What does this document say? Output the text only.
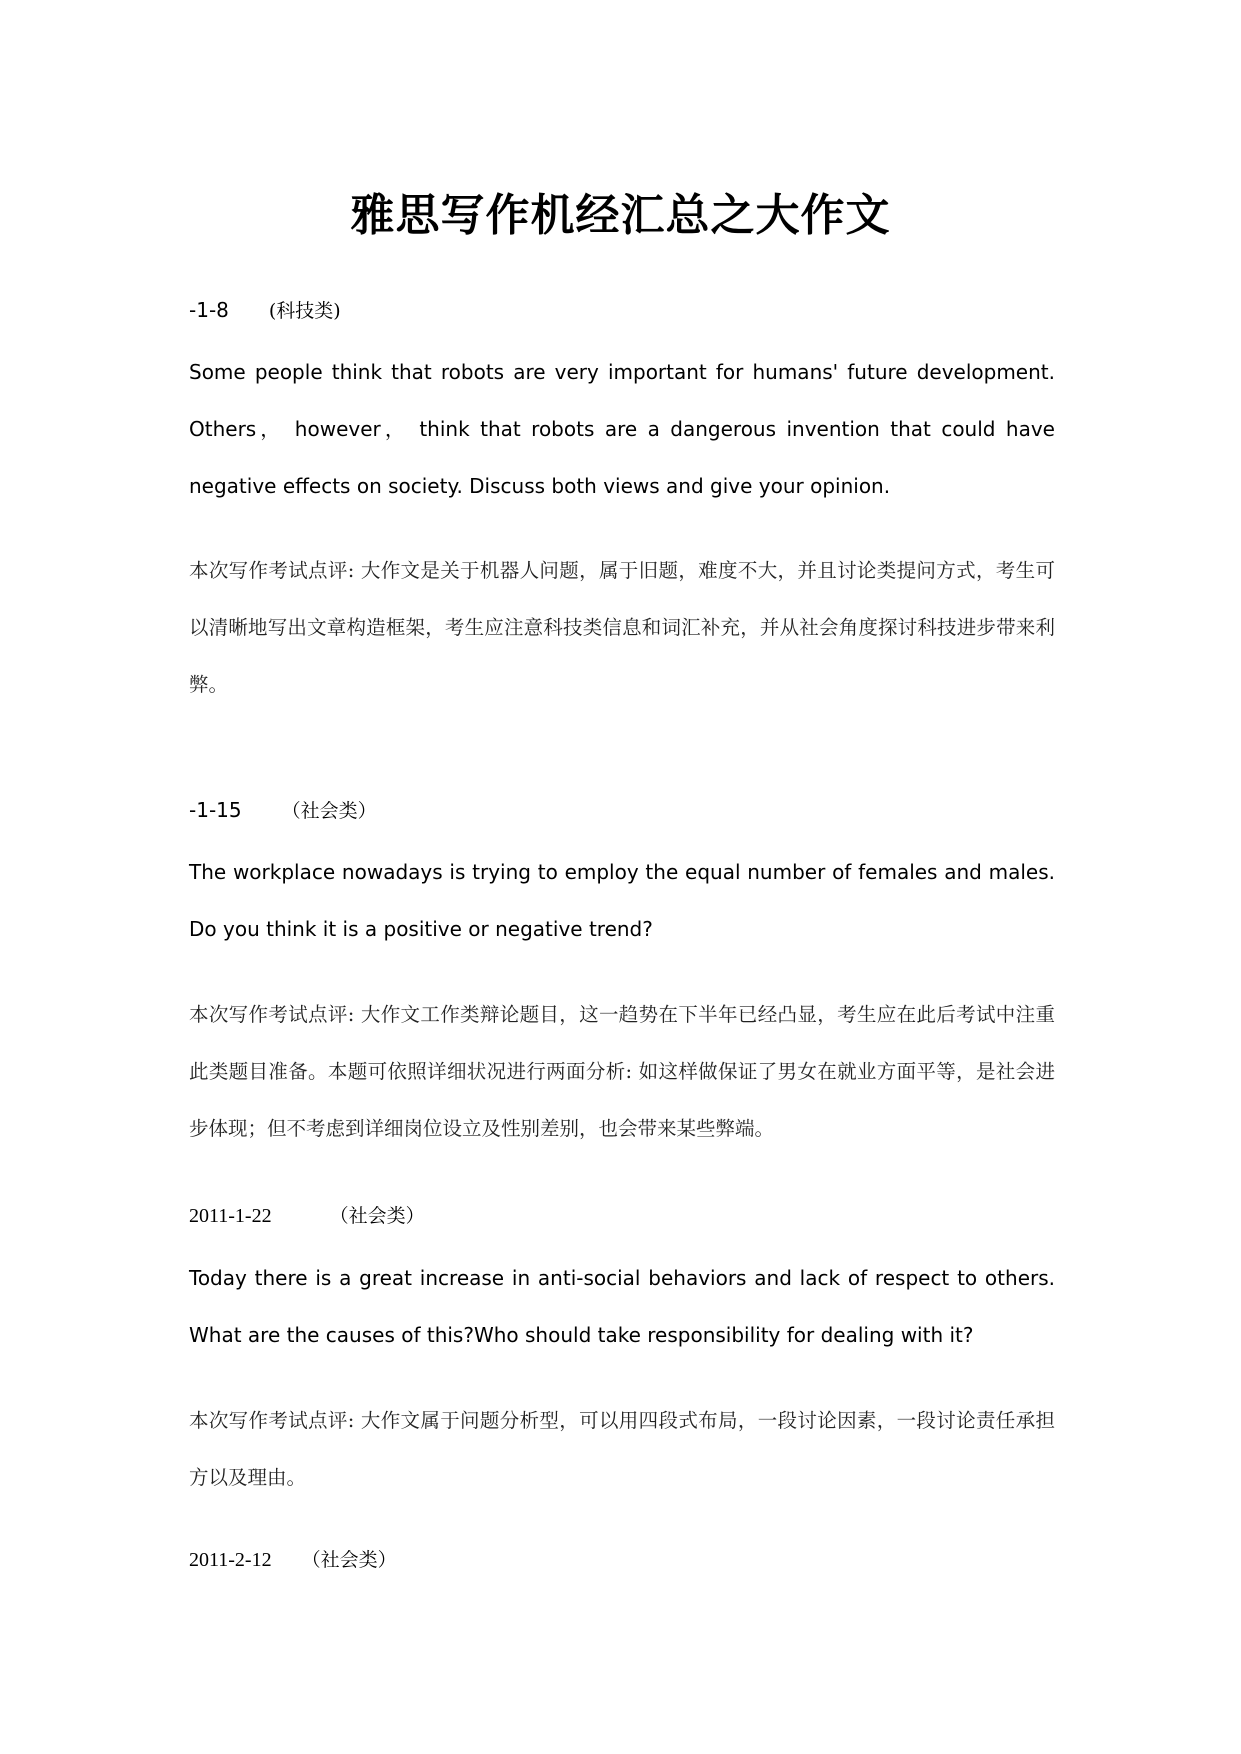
雅思写作机经汇总之大作文
-1-8 (科技类)
Some people think that robots are very important for humans' future development. Others， however， think that robots are a dangerous invention that could have negative effects on society. Discuss both views and give your opinion.
本次写作考试点评: 大作文是关于机器人问题，属于旧题，难度不大，并且讨论类提问方式，考生可以清晰地写出文章构造框架，考生应注意科技类信息和词汇补充，并从社会角度探讨科技进步带来利弊。
-1-15 （社会类）
The workplace nowadays is trying to employ the equal number of females and males. Do you think it is a positive or negative trend?
本次写作考试点评: 大作文工作类辩论题目，这一趋势在下半年已经凸显，考生应在此后考试中注重此类题目准备。本题可依照详细状况进行两面分析: 如这样做保证了男女在就业方面平等，是社会进步体现；但不考虑到详细岗位设立及性别差别，也会带来某些弊端。
2011-1-22	（社会类）
Today there is a great increase in anti-social behaviors and lack of respect to others. What are the causes of this?Who should take responsibility for dealing with it?
本次写作考试点评: 大作文属于问题分析型，可以用四段式布局，一段讨论因素，一段讨论责任承担方以及理由。
2011-2-12 （社会类）
